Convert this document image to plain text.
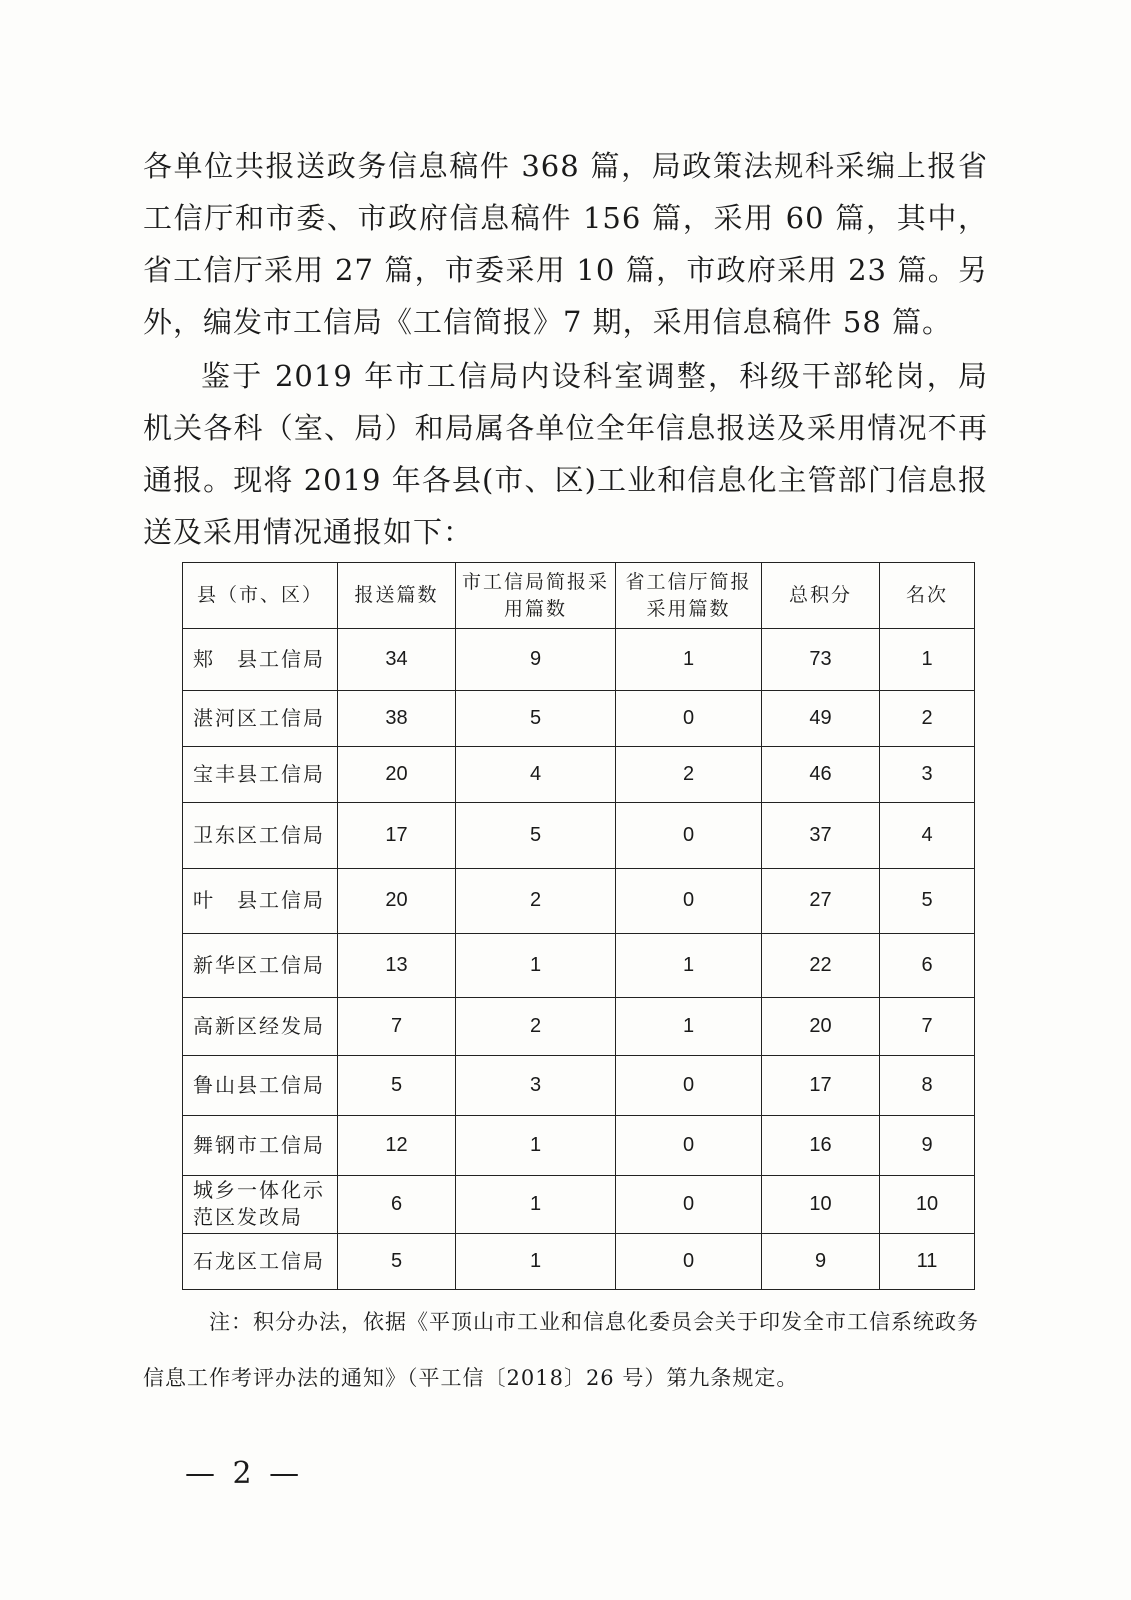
各单位共报送政务信息稿件 368 篇，局政策法规科采编上报省工信厅和市委、市政府信息稿件 156 篇，采用 60 篇，其中，省工信厅采用 27 篇，市委采用 10 篇，市政府采用 23 篇。另外，编发市工信局《工信简报》7 期，采用信息稿件 58 篇。

鉴于 2019 年市工信局内设科室调整，科级干部轮岗，局机关各科（室、局）和局属各单位全年信息报送及采用情况不再通报。现将 2019 年各县(市、区)工业和信息化主管部门信息报送及采用情况通报如下：

县（市、区）	报送篇数	市工信局简报采用篇数	省工信厅简报采用篇数	总积分	名次
郏　县工信局	34	9	1	73	1
湛河区工信局	38	5	0	49	2
宝丰县工信局	20	4	2	46	3
卫东区工信局	17	5	0	37	4
叶　县工信局	20	2	0	27	5
新华区工信局	13	1	1	22	6
高新区经发局	7	2	1	20	7
鲁山县工信局	5	3	0	17	8
舞钢市工信局	12	1	0	16	9
城乡一体化示范区发改局	6	1	0	10	10
石龙区工信局	5	1	0	9	11

注：积分办法，依据《平顶山市工业和信息化委员会关于印发全市工信系统政务信息工作考评办法的通知》（平工信〔2018〕26 号）第九条规定。

— 2 —
